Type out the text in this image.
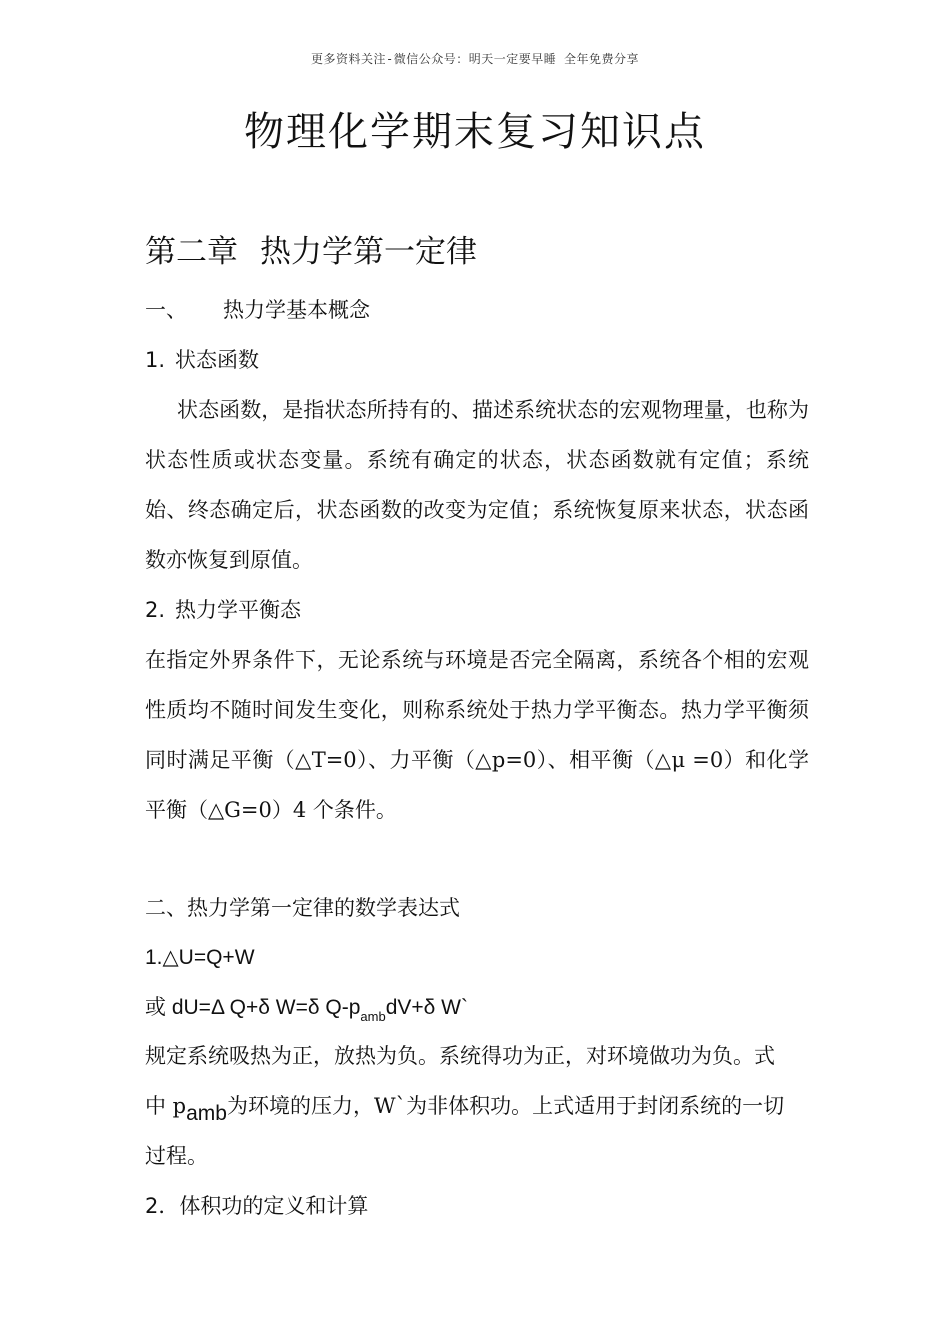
更多资料关注-微信公众号：明天一定要早睡 全年免费分享
物理化学期末复习知识点
第二章 热力学第一定律
一、 热力学基本概念
1. 状态函数

状态函数，是指状态所持有的、描述系统状态的宏观物理量，也称为状态性质或状态变量。系统有确定的状态，状态函数就有定值；系统始、终态确定后，状态函数的改变为定值；系统恢复原来状态，状态函数亦恢复到原值。

2. 热力学平衡态

在指定外界条件下，无论系统与环境是否完全隔离，系统各个相的宏观性质均不随时间发生变化，则称系统处于热力学平衡态。热力学平衡须同时满足平衡（△T=0）、力平衡（△p=0）、相平衡（△μ =0）和化学平衡（△G=0）4 个条件。

二、热力学第一定律的数学表达式
1.△U=Q+W
或 dU=Δ Q+δ W=δ $Q-p_{amb}dV+\delta$ W`
规定系统吸热为正，放热为负。系统得功为正，对环境做功为负。式
中 $p_{amb}$为环境的压力，W`为非体积功。上式适用于封闭系统的一切
过程。
2．体积功的定义和计算
